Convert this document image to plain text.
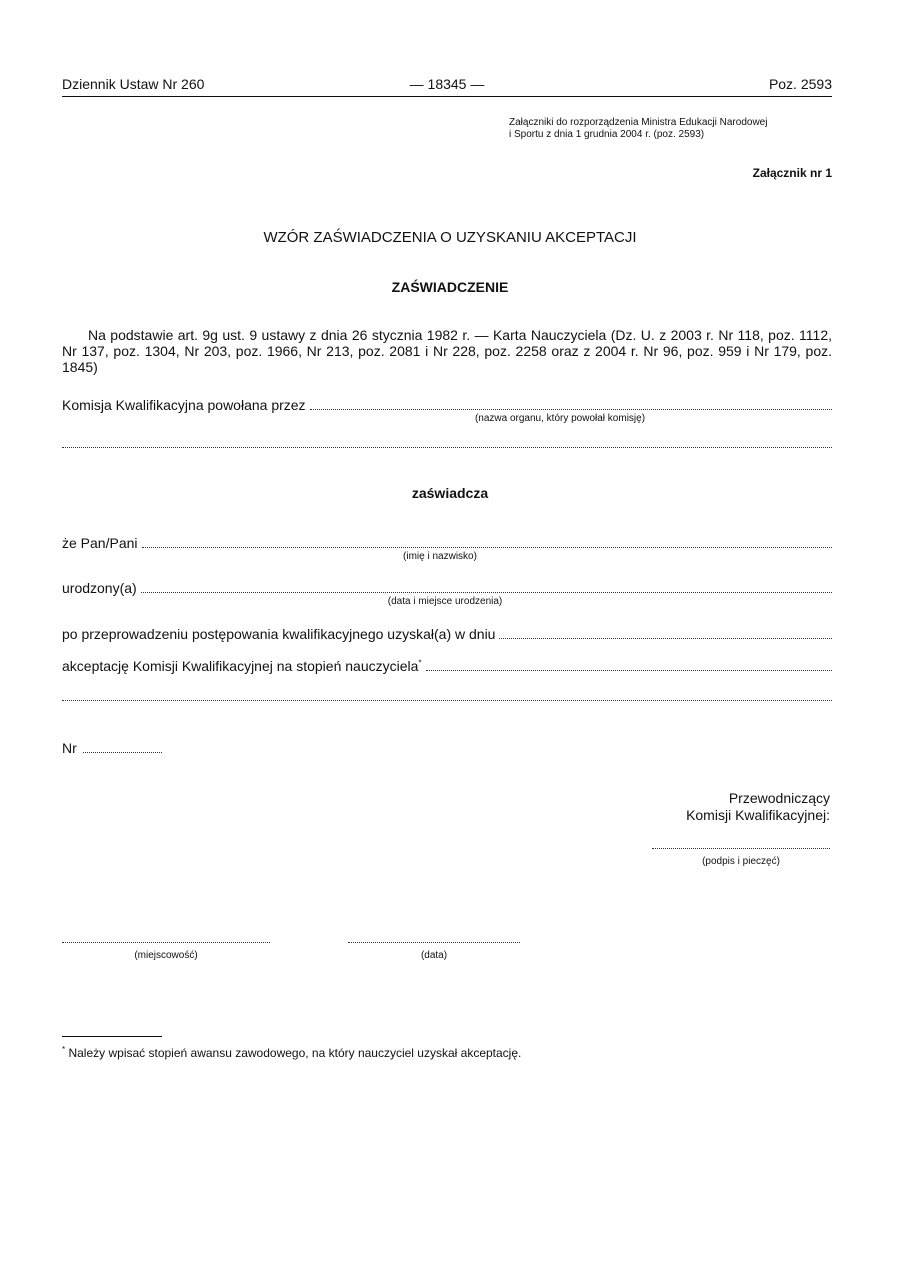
Dziennik Ustaw Nr 260	— 18345 —	Poz. 2593
Załączniki do rozporządzenia Ministra Edukacji Narodowej
i Sportu z dnia 1 grudnia 2004 r. (poz. 2593)
Załącznik nr 1
WZÓR ZAŚWIADCZENIA O UZYSKANIU AKCEPTACJI
ZAŚWIADCZENIE
Na podstawie art. 9g ust. 9 ustawy z dnia 26 stycznia 1982 r. — Karta Nauczyciela (Dz. U. z 2003 r. Nr 118, poz. 1112, Nr 137, poz. 1304, Nr 203, poz. 1966, Nr 213, poz. 2081 i Nr 228, poz. 2258 oraz z 2004 r. Nr 96, poz. 959 i Nr 179, poz. 1845)
Komisja Kwalifikacyjna powołana przez
(nazwa organu, który powołał komisję)
zaświadcza
że Pan/Pani
(imię i nazwisko)
urodzony(a)
(data i miejsce urodzenia)
po przeprowadzeniu postępowania kwalifikacyjnego uzyskał(a) w dniu
akceptację Komisji Kwalifikacyjnej na stopień nauczyciela*
Nr
Przewodniczący
Komisji Kwalifikacyjnej:
(podpis i pieczęć)
(miejscowość)	(data)
* Należy wpisać stopień awansu zawodowego, na który nauczyciel uzyskał akceptację.
